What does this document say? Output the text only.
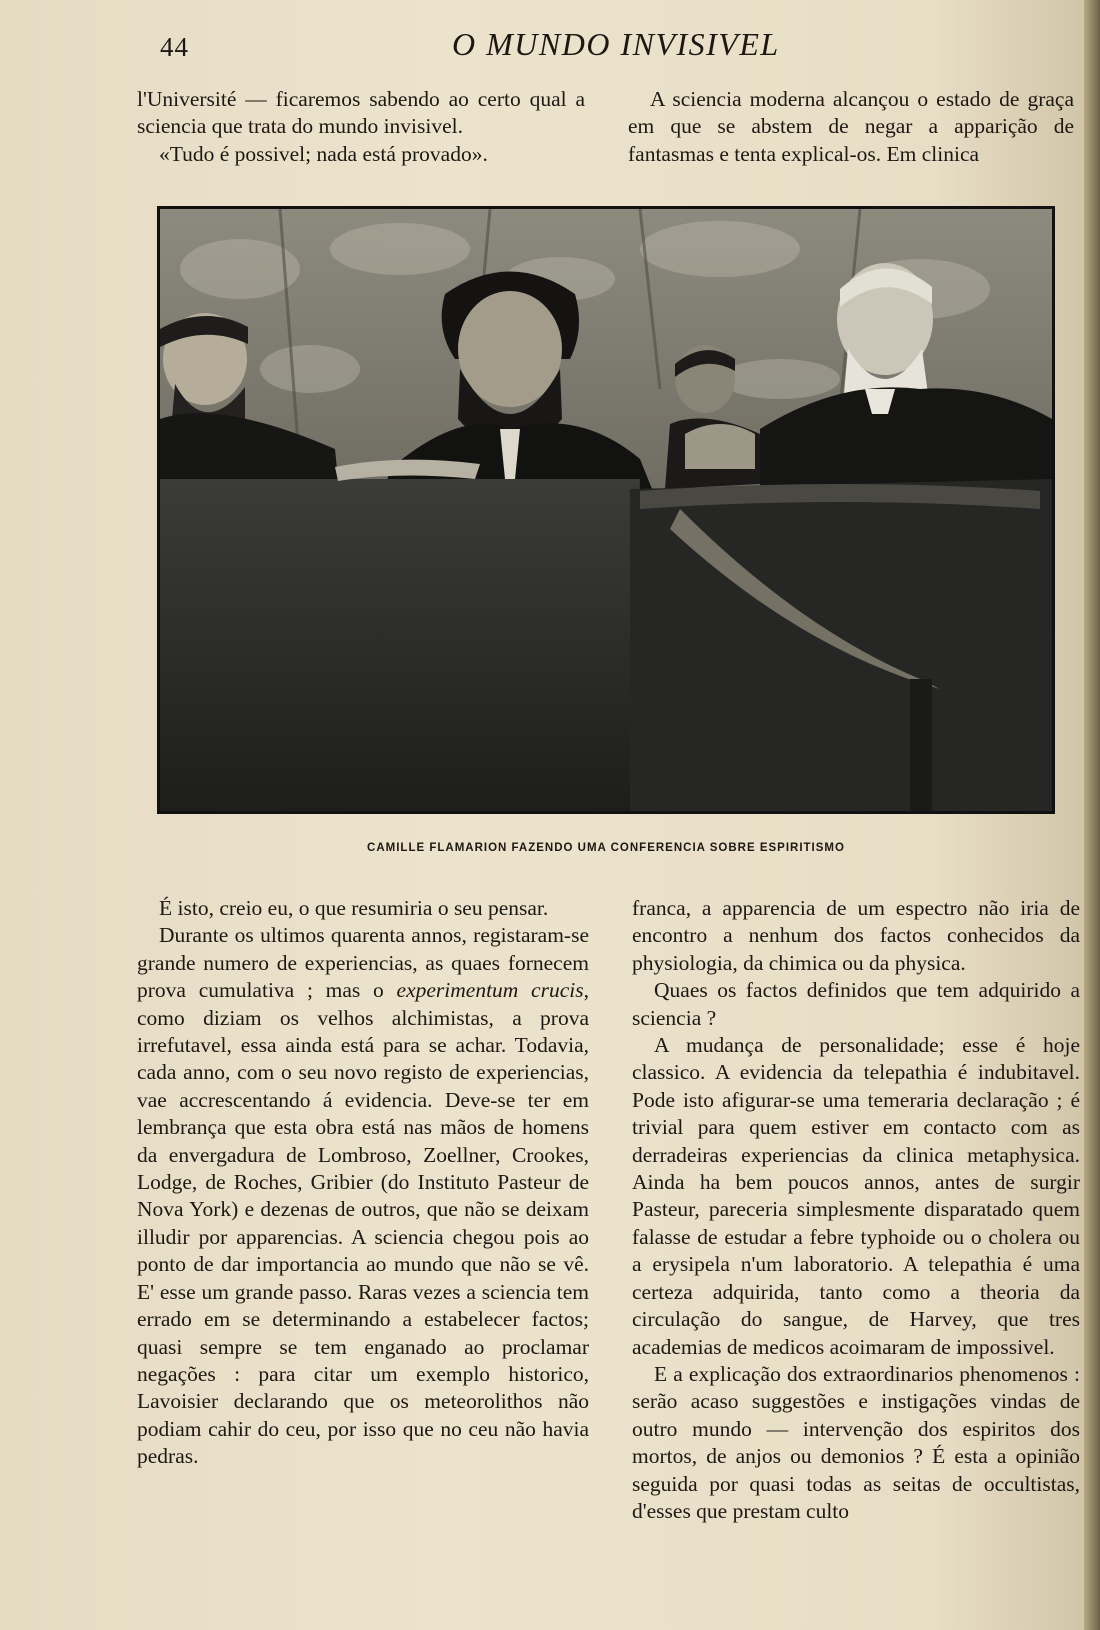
44	O MUNDO INVISIVEL

l'Université — ficaremos sabendo ao certo qual a sciencia que trata do mundo invisivel.

«Tudo é possivel; nada está provado».

A sciencia moderna alcançou o estado de graça em que se abstem de negar a apparição de fantasmas e tenta explical-os. Em clinica

CAMILLE FLAMARION FAZENDO UMA CONFERENCIA SOBRE ESPIRITISMO

É isto, creio eu, o que resumiria o seu pensar.

Durante os ultimos quarenta annos, registaram-se grande numero de experiencias, as quaes fornecem prova cumulativa ; mas o experimentum crucis, como diziam os velhos alchimistas, a prova irrefutavel, essa ainda está para se achar. Todavia, cada anno, com o seu novo registo de experiencias, vae accrescentando á evidencia. Deve-se ter em lembrança que esta obra está nas mãos de homens da envergadura de Lombroso, Zoellner, Crookes, Lodge, de Roches, Gribier (do Instituto Pasteur de Nova York) e dezenas de outros, que não se deixam illudir por apparencias. A sciencia chegou pois ao ponto de dar importancia ao mundo que não se vê. E' esse um grande passo. Raras vezes a sciencia tem errado em se determinando a estabelecer factos; quasi sempre se tem enganado ao proclamar negações : para citar um exemplo historico, Lavoisier declarando que os meteorolithos não podiam cahir do ceu, por isso que no ceu não havia pedras.

franca, a apparencia de um espectro não iria de encontro a nenhum dos factos conhecidos da physiologia, da chimica ou da physica.

Quaes os factos definidos que tem adquirido a sciencia ?

A mudança de personalidade; esse é hoje classico. A evidencia da telepathia é indubitavel. Pode isto afigurar-se uma temeraria declaração ; é trivial para quem estiver em contacto com as derradeiras experiencias da clinica metaphysica. Ainda ha bem poucos annos, antes de surgir Pasteur, pareceria simplesmente disparatado quem falasse de estudar a febre typhoide ou o cholera ou a erysipela n'um laboratorio. A telepathia é uma certeza adquirida, tanto como a theoria da circulação do sangue, de Harvey, que tres academias de medicos acoimaram de impossivel.

E a explicação dos extraordinarios phenomenos : serão acaso suggestões e instigações vindas de outro mundo — intervenção dos espiritos dos mortos, de anjos ou demonios ? É esta a opinião seguida por quasi todas as seitas de occultistas, d'esses que prestam culto
